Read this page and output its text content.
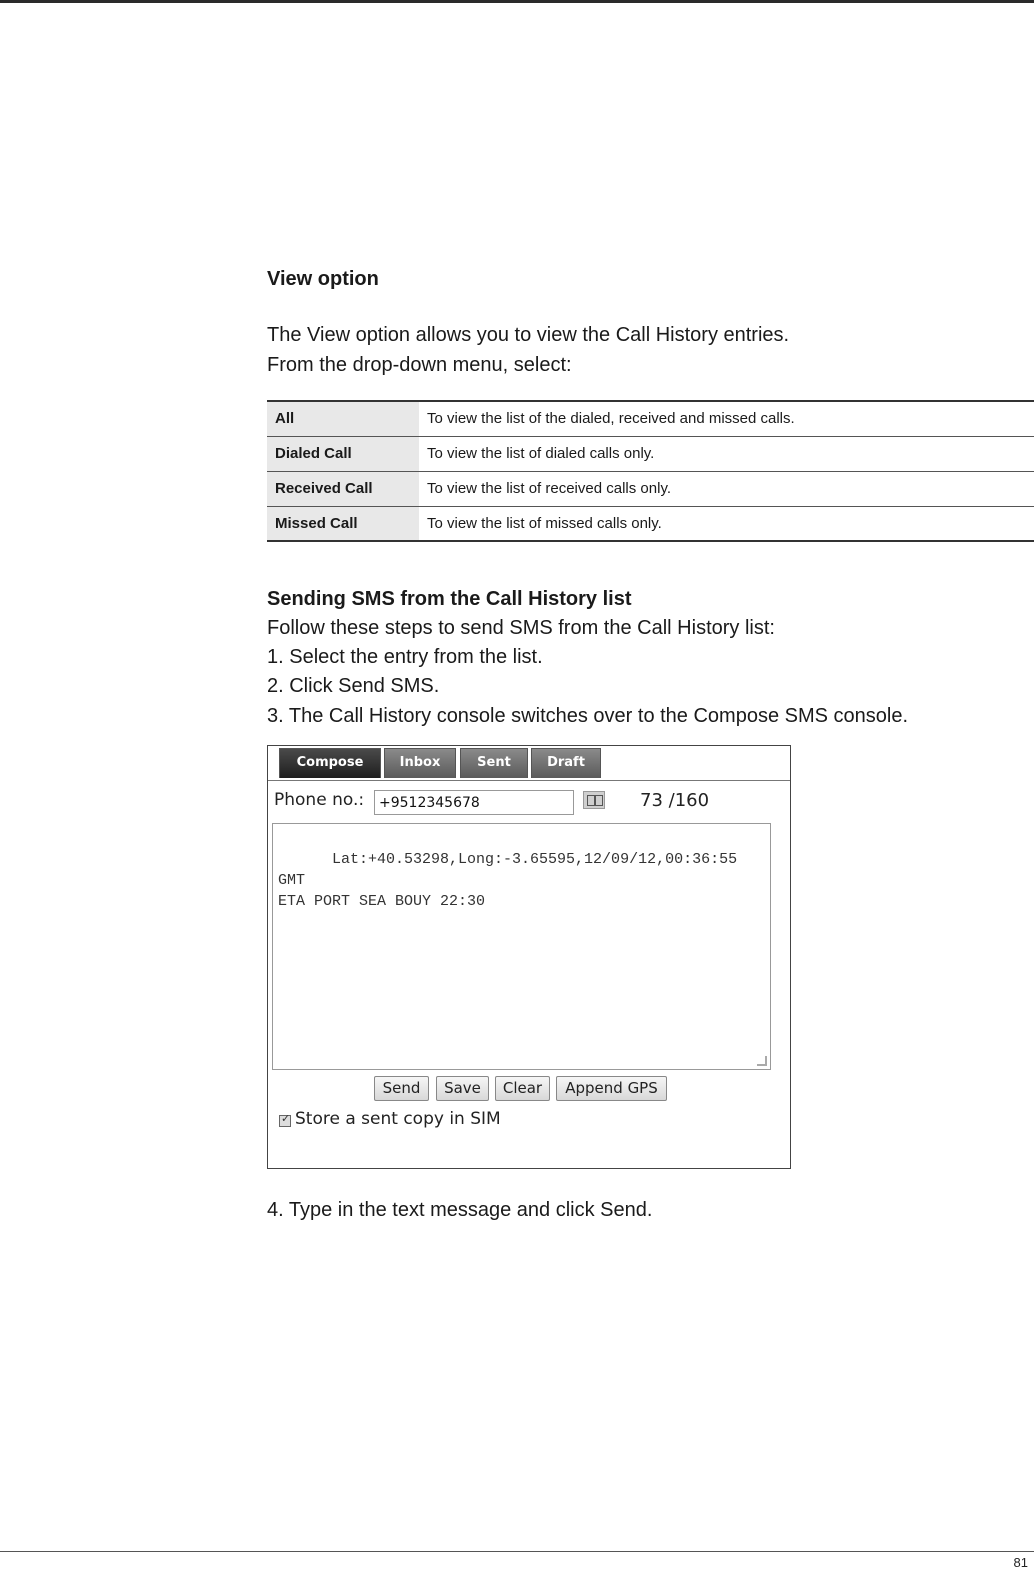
View option
The View option allows you to view the Call History entries.
From the drop-down menu, select:
All	To view the list of the dialed, received and missed calls.
Dialed Call	To view the list of dialed calls only.
Received Call	To view the list of received calls only.
Missed Call	To view the list of missed calls only.
Sending SMS from the Call History list
Follow these steps to send SMS from the Call History list:
1. Select the entry from the list.
2. Click Send SMS.
3. The Call History console switches over to the Compose SMS console.
Compose	Inbox	Sent	Draft
Phone no.:
+9512345678	73 /160

Lat:+40.53298,Long:-3.65595,12/09/12,00:36:55 GMT
ETA PORT SEA BOUY 22:30

Send	Save	Clear	Append GPS
✓
Store a sent copy in SIM
4. Type in the text message and click Send.
81
